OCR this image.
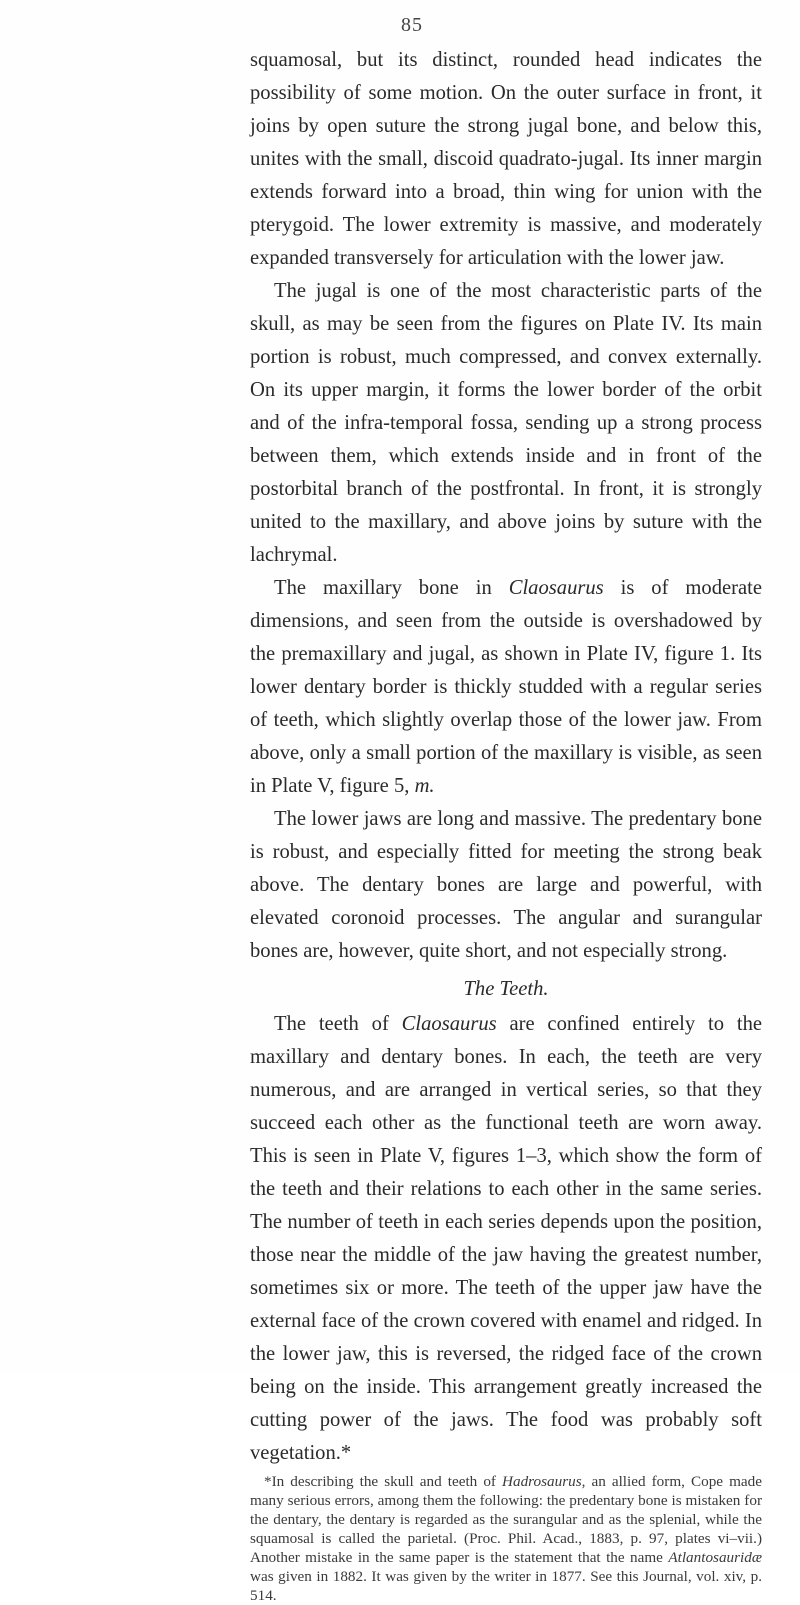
85

squamosal, but its distinct, rounded head indicates the possibility of some motion. On the outer surface in front, it joins by open suture the strong jugal bone, and below this, unites with the small, discoid quadrato-jugal. Its inner margin extends forward into a broad, thin wing for union with the pterygoid. The lower extremity is massive, and moderately expanded transversely for articulation with the lower jaw.

The jugal is one of the most characteristic parts of the skull, as may be seen from the figures on Plate IV. Its main portion is robust, much compressed, and convex externally. On its upper margin, it forms the lower border of the orbit and of the infra-temporal fossa, sending up a strong process between them, which extends inside and in front of the postorbital branch of the postfrontal. In front, it is strongly united to the maxillary, and above joins by suture with the lachrymal.

The maxillary bone in Claosaurus is of moderate dimensions, and seen from the outside is overshadowed by the premaxillary and jugal, as shown in Plate IV, figure 1. Its lower dentary border is thickly studded with a regular series of teeth, which slightly overlap those of the lower jaw. From above, only a small portion of the maxillary is visible, as seen in Plate V, figure 5, m.

The lower jaws are long and massive. The predentary bone is robust, and especially fitted for meeting the strong beak above. The dentary bones are large and powerful, with elevated coronoid processes. The angular and surangular bones are, however, quite short, and not especially strong.

The Teeth.

The teeth of Claosaurus are confined entirely to the maxillary and dentary bones. In each, the teeth are very numerous, and are arranged in vertical series, so that they succeed each other as the functional teeth are worn away. This is seen in Plate V, figures 1–3, which show the form of the teeth and their relations to each other in the same series. The number of teeth in each series depends upon the position, those near the middle of the jaw having the greatest number, sometimes six or more. The teeth of the upper jaw have the external face of the crown covered with enamel and ridged. In the lower jaw, this is reversed, the ridged face of the crown being on the inside. This arrangement greatly increased the cutting power of the jaws. The food was probably soft vegetation.*

*In describing the skull and teeth of Hadrosaurus, an allied form, Cope made many serious errors, among them the following: the predentary bone is mistaken for the dentary, the dentary is regarded as the surangular and as the splenial, while the squamosal is called the parietal. (Proc. Phil. Acad., 1883, p. 97, plates vi–vii.) Another mistake in the same paper is the statement that the name Atlantosauridæ was given in 1882. It was given by the writer in 1877. See this Journal, vol. xiv, p. 514.
